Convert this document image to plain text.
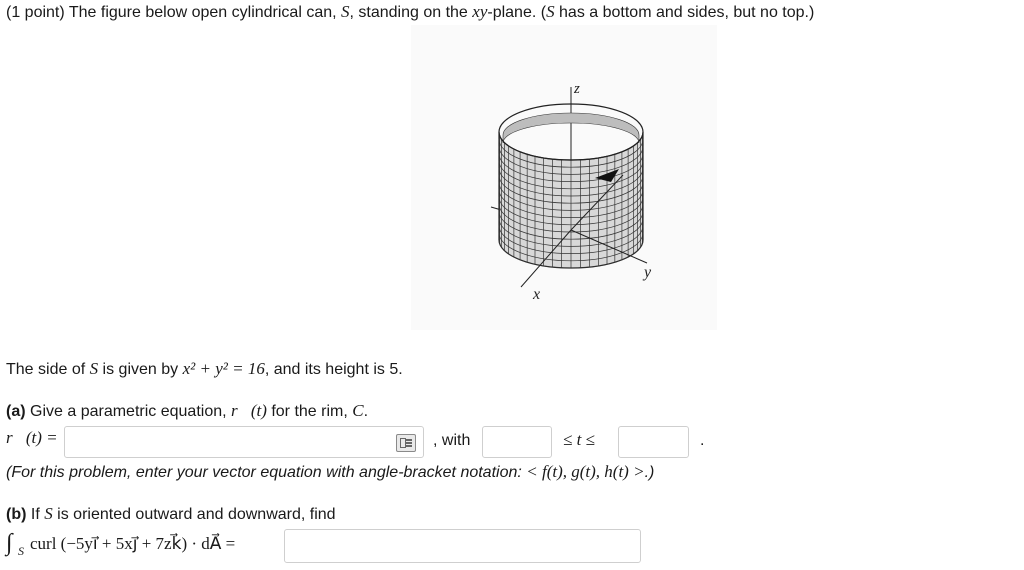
(1 point) The figure below open cylindrical can, S, standing on the xy-plane. (S has a bottom and sides, but no top.)
z
x
y
The side of S is given by x² + y² = 16, and its height is 5.
(a) Give a parametric equation, r⃗(t) for the rim, C.
r⃗(t) =	, with	≤ t ≤	.
(For this problem, enter your vector equation with angle-bracket notation: < f(t), g(t), h(t) >.)
(b) If S is oriented outward and downward, find
∫ S curl (−5yi⃗ + 5xj⃗ + 7zk⃗) · dA⃗ =
